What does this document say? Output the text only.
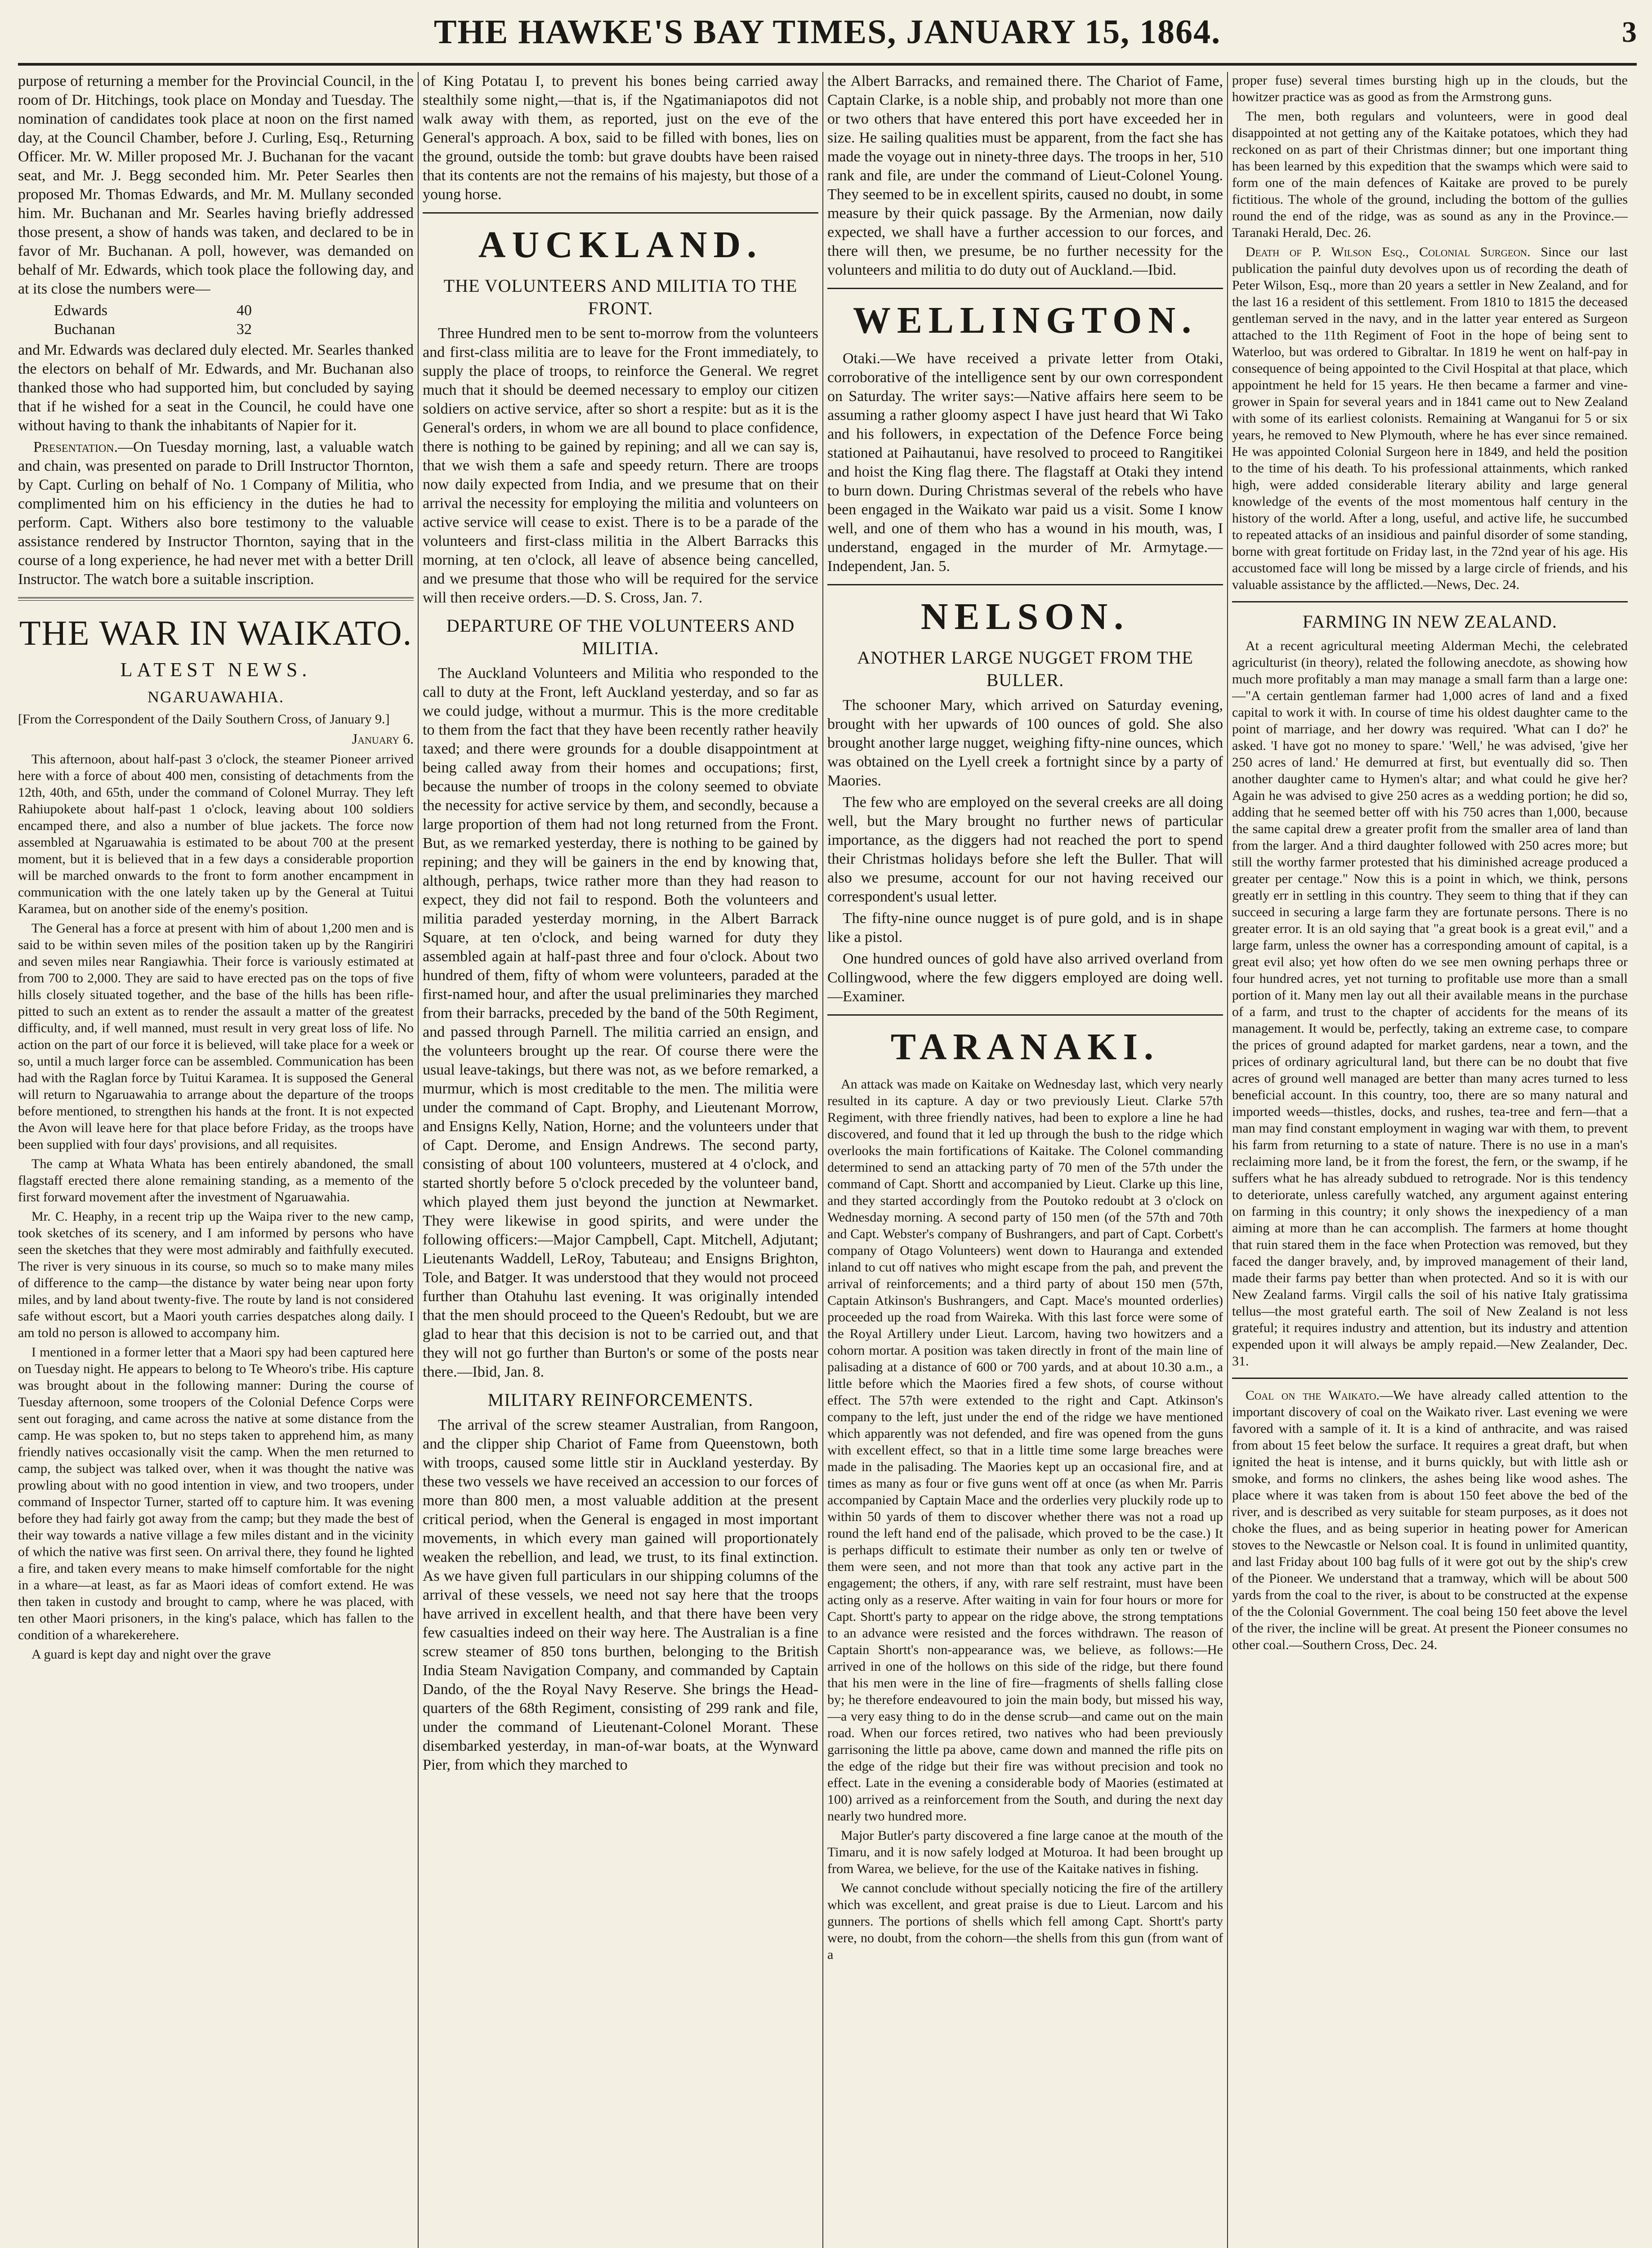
THE HAWKE'S BAY TIMES, JANUARY 15, 1864.	3

purpose of returning a member for the Provincial Council, in the room of Dr. Hitchings, took place on Monday and Tuesday. The nomination of candidates took place at noon on the first named day, at the Council Chamber, before J. Curling, Esq., Returning Officer. Mr. W. Miller proposed Mr. J. Buchanan for the vacant seat, and Mr. J. Begg seconded him. Mr. Peter Searles then proposed Mr. Thomas Edwards, and Mr. M. Mullany seconded him. Mr. Buchanan and Mr. Searles having briefly addressed those present, a show of hands was taken, and declared to be in favor of Mr. Buchanan. A poll, however, was demanded on behalf of Mr. Edwards, which took place the following day, and at its close the numbers were—

Edwards	40
Buchanan	32

and Mr. Edwards was declared duly elected. Mr. Searles thanked the electors on behalf of Mr. Edwards, and Mr. Buchanan also thanked those who had supported him, but concluded by saying that if he wished for a seat in the Council, he could have one without having to thank the inhabitants of Napier for it.

Presentation.—On Tuesday morning, last, a valuable watch and chain, was presented on parade to Drill Instructor Thornton, by Capt. Curling on behalf of No. 1 Company of Militia, who complimented him on his efficiency in the duties he had to perform. Capt. Withers also bore testimony to the valuable assistance rendered by Instructor Thornton, saying that in the course of a long experience, he had never met with a better Drill Instructor. The watch bore a suitable inscription.

THE WAR IN WAIKATO.
LATEST NEWS.
NGARUAWAHIA.
[From the Correspondent of the Daily Southern Cross, of January 9.]
January 6.

This afternoon, about half-past 3 o'clock, the steamer Pioneer arrived here with a force of about 400 men, consisting of detachments from the 12th, 40th, and 65th, under the command of Colonel Murray. They left Rahiupokete about half-past 1 o'clock, leaving about 100 soldiers encamped there, and also a number of blue jackets. The force now assembled at Ngaruawahia is estimated to be about 700 at the present moment, but it is believed that in a few days a considerable proportion will be marched onwards to the front to form another encampment in communication with the one lately taken up by the General at Tuitui Karamea, but on another side of the enemy's position.

The General has a force at present with him of about 1,200 men and is said to be within seven miles of the position taken up by the Rangiriri and seven miles near Rangiawhia. Their force is variously estimated at from 700 to 2,000. They are said to have erected pas on the tops of five hills closely situated together, and the base of the hills has been rifle-pitted to such an extent as to render the assault a matter of the greatest difficulty, and, if well manned, must result in very great loss of life. No action on the part of our force it is believed, will take place for a week or so, until a much larger force can be assembled. Communication has been had with the Raglan force by Tuitui Karamea. It is supposed the General will return to Ngaruawahia to arrange about the departure of the troops before mentioned, to strengthen his hands at the front. It is not expected the Avon will leave here for that place before Friday, as the troops have been supplied with four days' provisions, and all requisites.

The camp at Whata Whata has been entirely abandoned, the small flagstaff erected there alone remaining standing, as a memento of the first forward movement after the investment of Ngaruawahia.

Mr. C. Heaphy, in a recent trip up the Waipa river to the new camp, took sketches of its scenery, and I am informed by persons who have seen the sketches that they were most admirably and faithfully executed. The river is very sinuous in its course, so much so to make many miles of difference to the camp—the distance by water being near upon forty miles, and by land about twenty-five. The route by land is not considered safe without escort, but a Maori youth carries despatches along daily. I am told no person is allowed to accompany him.

I mentioned in a former letter that a Maori spy had been captured here on Tuesday night. He appears to belong to Te Wheoro's tribe. His capture was brought about in the following manner: During the course of Tuesday afternoon, some troopers of the Colonial Defence Corps were sent out foraging, and came across the native at some distance from the camp. He was spoken to, but no steps taken to apprehend him, as many friendly natives occasionally visit the camp. When the men returned to camp, the subject was talked over, when it was thought the native was prowling about with no good intention in view, and two troopers, under command of Inspector Turner, started off to capture him. It was evening before they had fairly got away from the camp; but they made the best of their way towards a native village a few miles distant and in the vicinity of which the native was first seen. On arrival there, they found he lighted a fire, and taken every means to make himself comfortable for the night in a whare—at least, as far as Maori ideas of comfort extend. He was then taken in custody and brought to camp, where he was placed, with ten other Maori prisoners, in the king's palace, which has fallen to the condition of a wharekerehere.

A guard is kept day and night over the grave

of King Potatau I, to prevent his bones being carried away stealthily some night,—that is, if the Ngatimaniapotos did not walk away with them, as reported, just on the eve of the General's approach. A box, said to be filled with bones, lies on the ground, outside the tomb: but grave doubts have been raised that its contents are not the remains of his majesty, but those of a young horse.

AUCKLAND.
THE VOLUNTEERS AND MILITIA TO THE FRONT.

Three Hundred men to be sent to-morrow from the volunteers and first-class militia are to leave for the Front immediately, to supply the place of troops, to reinforce the General. We regret much that it should be deemed necessary to employ our citizen soldiers on active service, after so short a respite: but as it is the General's orders, in whom we are all bound to place confidence, there is nothing to be gained by repining; and all we can say is, that we wish them a safe and speedy return. There are troops now daily expected from India, and we presume that on their arrival the necessity for employing the militia and volunteers on active service will cease to exist. There is to be a parade of the volunteers and first-class militia in the Albert Barracks this morning, at ten o'clock, all leave of absence being cancelled, and we presume that those who will be required for the service will then receive orders.—D. S. Cross, Jan. 7.

DEPARTURE OF THE VOLUNTEERS AND MILITIA.

The Auckland Volunteers and Militia who responded to the call to duty at the Front, left Auckland yesterday, and so far as we could judge, without a murmur. This is the more creditable to them from the fact that they have been recently rather heavily taxed; and there were grounds for a double disappointment at being called away from their homes and occupations; first, because the number of troops in the colony seemed to obviate the necessity for active service by them, and secondly, because a large proportion of them had not long returned from the Front. But, as we remarked yesterday, there is nothing to be gained by repining; and they will be gainers in the end by knowing that, although, perhaps, twice rather more than they had reason to expect, they did not fail to respond. Both the volunteers and militia paraded yesterday morning, in the Albert Barrack Square, at ten o'clock, and being warned for duty they assembled again at half-past three and four o'clock. About two hundred of them, fifty of whom were volunteers, paraded at the first-named hour, and after the usual preliminaries they marched from their barracks, preceded by the band of the 50th Regiment, and passed through Parnell. The militia carried an ensign, and the volunteers brought up the rear. Of course there were the usual leave-takings, but there was not, as we before remarked, a murmur, which is most creditable to the men. The militia were under the command of Capt. Brophy, and Lieutenant Morrow, and Ensigns Kelly, Nation, Horne; and the volunteers under that of Capt. Derome, and Ensign Andrews. The second party, consisting of about 100 volunteers, mustered at 4 o'clock, and started shortly before 5 o'clock preceded by the volunteer band, which played them just beyond the junction at Newmarket. They were likewise in good spirits, and were under the following officers:—Major Campbell, Capt. Mitchell, Adjutant; Lieutenants Waddell, LeRoy, Tabuteau; and Ensigns Brighton, Tole, and Batger. It was understood that they would not proceed further than Otahuhu last evening. It was originally intended that the men should proceed to the Queen's Redoubt, but we are glad to hear that this decision is not to be carried out, and that they will not go further than Burton's or some of the posts near there.—Ibid, Jan. 8.

MILITARY REINFORCEMENTS.

The arrival of the screw steamer Australian, from Rangoon, and the clipper ship Chariot of Fame from Queenstown, both with troops, caused some little stir in Auckland yesterday. By these two vessels we have received an accession to our forces of more than 800 men, a most valuable addition at the present critical period, when the General is engaged in most important movements, in which every man gained will proportionately weaken the rebellion, and lead, we trust, to its final extinction. As we have given full particulars in our shipping columns of the arrival of these vessels, we need not say here that the troops have arrived in excellent health, and that there have been very few casualties indeed on their way here. The Australian is a fine screw steamer of 850 tons burthen, belonging to the British India Steam Navigation Company, and commanded by Captain Dando, of the the Royal Navy Reserve. She brings the Head-quarters of the 68th Regiment, consisting of 299 rank and file, under the command of Lieutenant-Colonel Morant. These disembarked yesterday, in man-of-war boats, at the Wynward Pier, from which they marched to

the Albert Barracks, and remained there. The Chariot of Fame, Captain Clarke, is a noble ship, and probably not more than one or two others that have entered this port have exceeded her in size. He sailing qualities must be apparent, from the fact she has made the voyage out in ninety-three days. The troops in her, 510 rank and file, are under the command of Lieut-Colonel Young. They seemed to be in excellent spirits, caused no doubt, in some measure by their quick passage. By the Armenian, now daily expected, we shall have a further accession to our forces, and there will then, we presume, be no further necessity for the volunteers and militia to do duty out of Auckland.—Ibid.

WELLINGTON.

Otaki.—We have received a private letter from Otaki, corroborative of the intelligence sent by our own correspondent on Saturday. The writer says:—Native affairs here seem to be assuming a rather gloomy aspect I have just heard that Wi Tako and his followers, in expectation of the Defence Force being stationed at Paihautanui, have resolved to proceed to Rangitikei and hoist the King flag there. The flagstaff at Otaki they intend to burn down. During Christmas several of the rebels who have been engaged in the Waikato war paid us a visit. Some I know well, and one of them who has a wound in his mouth, was, I understand, engaged in the murder of Mr. Armytage.—Independent, Jan. 5.

NELSON.
ANOTHER LARGE NUGGET FROM THE BULLER.

The schooner Mary, which arrived on Saturday evening, brought with her upwards of 100 ounces of gold. She also brought another large nugget, weighing fifty-nine ounces, which was obtained on the Lyell creek a fortnight since by a party of Maories.

The few who are employed on the several creeks are all doing well, but the Mary brought no further news of particular importance, as the diggers had not reached the port to spend their Christmas holidays before she left the Buller. That will also we presume, account for our not having received our correspondent's usual letter.

The fifty-nine ounce nugget is of pure gold, and is in shape like a pistol.

One hundred ounces of gold have also arrived overland from Collingwood, where the few diggers employed are doing well.—Examiner.

TARANAKI.

An attack was made on Kaitake on Wednesday last, which very nearly resulted in its capture. A day or two previously Lieut. Clarke 57th Regiment, with three friendly natives, had been to explore a line he had discovered, and found that it led up through the bush to the ridge which overlooks the main fortifications of Kaitake. The Colonel commanding determined to send an attacking party of 70 men of the 57th under the command of Capt. Shortt and accompanied by Lieut. Clarke up this line, and they started accordingly from the Poutoko redoubt at 3 o'clock on Wednesday morning. A second party of 150 men (of the 57th and 70th and Capt. Webster's company of Bushrangers, and part of Capt. Corbett's company of Otago Volunteers) went down to Hauranga and extended inland to cut off natives who might escape from the pah, and prevent the arrival of reinforcements; and a third party of about 150 men (57th, Captain Atkinson's Bushrangers, and Capt. Mace's mounted orderlies) proceeded up the road from Waireka. With this last force were some of the Royal Artillery under Lieut. Larcom, having two howitzers and a cohorn mortar. A position was taken directly in front of the main line of palisading at a distance of 600 or 700 yards, and at about 10.30 a.m., a little before which the Maories fired a few shots, of course without effect. The 57th were extended to the right and Capt. Atkinson's company to the left, just under the end of the ridge we have mentioned which apparently was not defended, and fire was opened from the guns with excellent effect, so that in a little time some large breaches were made in the palisading. The Maories kept up an occasional fire, and at times as many as four or five guns went off at once (as when Mr. Parris accompanied by Captain Mace and the orderlies very pluckily rode up to within 50 yards of them to discover whether there was not a road up round the left hand end of the palisade, which proved to be the case.) It is perhaps difficult to estimate their number as only ten or twelve of them were seen, and not more than that took any active part in the engagement; the others, if any, with rare self restraint, must have been acting only as a reserve. After waiting in vain for four hours or more for Capt. Shortt's party to appear on the ridge above, the strong temptations to an advance were resisted and the forces withdrawn. The reason of Captain Shortt's non-appearance was, we believe, as follows:—He arrived in one of the hollows on this side of the ridge, but there found that his men were in the line of fire—fragments of shells falling close by; he therefore endeavoured to join the main body, but missed his way,—a very easy thing to do in the dense scrub—and came out on the main road. When our forces retired, two natives who had been previously garrisoning the little pa above, came down and manned the rifle pits on the edge of the ridge but their fire was without precision and took no effect. Late in the evening a considerable body of Maories (estimated at 100) arrived as a reinforcement from the South, and during the next day nearly two hundred more.

Major Butler's party discovered a fine large canoe at the mouth of the Timaru, and it is now safely lodged at Moturoa. It had been brought up from Warea, we believe, for the use of the Kaitake natives in fishing.

We cannot conclude without specially noticing the fire of the artillery which was excellent, and great praise is due to Lieut. Larcom and his gunners. The portions of shells which fell among Capt. Shortt's party were, no doubt, from the cohorn—the shells from this gun (from want of a

proper fuse) several times bursting high up in the clouds, but the howitzer practice was as good as from the Armstrong guns.

The men, both regulars and volunteers, were in good deal disappointed at not getting any of the Kaitake potatoes, which they had reckoned on as part of their Christmas dinner; but one important thing has been learned by this expedition that the swamps which were said to form one of the main defences of Kaitake are proved to be purely fictitious. The whole of the ground, including the bottom of the gullies round the end of the ridge, was as sound as any in the Province.—Taranaki Herald, Dec. 26.

Death of P. Wilson Esq., Colonial Surgeon. Since our last publication the painful duty devolves upon us of recording the death of Peter Wilson, Esq., more than 20 years a settler in New Zealand, and for the last 16 a resident of this settlement. From 1810 to 1815 the deceased gentleman served in the navy, and in the latter year entered as Surgeon attached to the 11th Regiment of Foot in the hope of being sent to Waterloo, but was ordered to Gibraltar. In 1819 he went on half-pay in consequence of being appointed to the Civil Hospital at that place, which appointment he held for 15 years. He then became a farmer and vine-grower in Spain for several years and in 1841 came out to New Zealand with some of its earliest colonists. Remaining at Wanganui for 5 or six years, he removed to New Plymouth, where he has ever since remained. He was appointed Colonial Surgeon here in 1849, and held the position to the time of his death. To his professional attainments, which ranked high, were added considerable literary ability and large general knowledge of the events of the most momentous half century in the history of the world. After a long, useful, and active life, he succumbed to repeated attacks of an insidious and painful disorder of some standing, borne with great fortitude on Friday last, in the 72nd year of his age. His accustomed face will long be missed by a large circle of friends, and his valuable assistance by the afflicted.—News, Dec. 24.

FARMING IN NEW ZEALAND.

At a recent agricultural meeting Alderman Mechi, the celebrated agriculturist (in theory), related the following anecdote, as showing how much more profitably a man may manage a small farm than a large one:—"A certain gentleman farmer had 1,000 acres of land and a fixed capital to work it with. In course of time his oldest daughter came to the point of marriage, and her dowry was required. 'What can I do?' he asked. 'I have got no money to spare.' 'Well,' he was advised, 'give her 250 acres of land.' He demurred at first, but eventually did so. Then another daughter came to Hymen's altar; and what could he give her? Again he was advised to give 250 acres as a wedding portion; he did so, adding that he seemed better off with his 750 acres than 1,000, because the same capital drew a greater profit from the smaller area of land than from the larger. And a third daughter followed with 250 acres more; but still the worthy farmer protested that his diminished acreage produced a greater per centage." Now this is a point in which, we think, persons greatly err in settling in this country. They seem to thing that if they can succeed in securing a large farm they are fortunate persons. There is no greater error. It is an old saying that "a great book is a great evil," and a large farm, unless the owner has a corresponding amount of capital, is a great evil also; yet how often do we see men owning perhaps three or four hundred acres, yet not turning to profitable use more than a small portion of it. Many men lay out all their available means in the purchase of a farm, and trust to the chapter of accidents for the means of its management. It would be, perfectly, taking an extreme case, to compare the prices of ground adapted for market gardens, near a town, and the prices of ordinary agricultural land, but there can be no doubt that five acres of ground well managed are better than many acres turned to less beneficial account. In this country, too, there are so many natural and imported weeds—thistles, docks, and rushes, tea-tree and fern—that a man may find constant employment in waging war with them, to prevent his farm from returning to a state of nature. There is no use in a man's reclaiming more land, be it from the forest, the fern, or the swamp, if he suffers what he has already subdued to retrograde. Nor is this tendency to deteriorate, unless carefully watched, any argument against entering on farming in this country; it only shows the inexpediency of a man aiming at more than he can accomplish. The farmers at home thought that ruin stared them in the face when Protection was removed, but they faced the danger bravely, and, by improved management of their land, made their farms pay better than when protected. And so it is with our New Zealand farms. Virgil calls the soil of his native Italy gratissima tellus—the most grateful earth. The soil of New Zealand is not less grateful; it requires industry and attention, but its industry and attention expended upon it will always be amply repaid.—New Zealander, Dec. 31.

Coal on the Waikato.—We have already called attention to the important discovery of coal on the Waikato river. Last evening we were favored with a sample of it. It is a kind of anthracite, and was raised from about 15 feet below the surface. It requires a great draft, but when ignited the heat is intense, and it burns quickly, but with little ash or smoke, and forms no clinkers, the ashes being like wood ashes. The place where it was taken from is about 150 feet above the bed of the river, and is described as very suitable for steam purposes, as it does not choke the flues, and as being superior in heating power for American stoves to the Newcastle or Nelson coal. It is found in unlimited quantity, and last Friday about 100 bag fulls of it were got out by the ship's crew of the Pioneer. We understand that a tramway, which will be about 500 yards from the coal to the river, is about to be constructed at the expense of the the Colonial Government. The coal being 150 feet above the level of the river, the incline will be great. At present the Pioneer consumes no other coal.—Southern Cross, Dec. 24.
